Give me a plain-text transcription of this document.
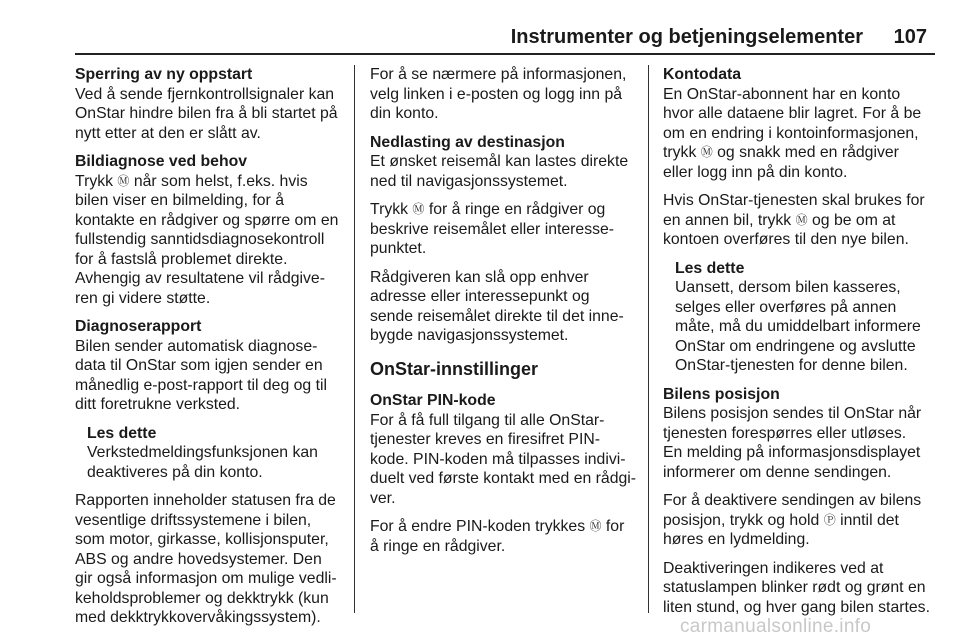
Instrumenter og betjeningselementer 107
Sperring av ny oppstart
Ved å sende fjernkontrollsignaler kan
OnStar hindre bilen fra å bli startet på
nytt etter at den er slått av.
Bildiagnose ved behov
Trykk Ⓜ når som helst, f.eks. hvis
bilen viser en bilmelding, for å
kontakte en rådgiver og spørre om en
fullstendig sanntidsdiagnosekontroll
for å fastslå problemet direkte.
Avhengig av resultatene vil rådgive-
ren gi videre støtte.
Diagnoserapport
Bilen sender automatisk diagnose-
data til OnStar som igjen sender en
månedlig e-post-rapport til deg og til
ditt foretrukne verksted.
Les dette
Verkstedmeldingsfunksjonen kan
deaktiveres på din konto.
Rapporten inneholder statusen fra de
vesentlige driftssystemene i bilen,
som motor, girkasse, kollisjonsputer,
ABS og andre hovedsystemer. Den
gir også informasjon om mulige vedli-
keholdsproblemer og dekktrykk (kun
med dekktrykkovervåkingssystem).
For å se nærmere på informasjonen,
velg linken i e-posten og logg inn på
din konto.
Nedlasting av destinasjon
Et ønsket reisemål kan lastes direkte
ned til navigasjonssystemet.
Trykk Ⓜ for å ringe en rådgiver og
beskrive reisemålet eller interesse-
punktet.
Rådgiveren kan slå opp enhver
adresse eller interessepunkt og
sende reisemålet direkte til det inne-
bygde navigasjonssystemet.
OnStar-innstillinger
OnStar PIN-kode
For å få full tilgang til alle OnStar-
tjenester kreves en firesifret PIN-
kode. PIN-koden må tilpasses indivi-
duelt ved første kontakt med en rådgi-
ver.
For å endre PIN-koden trykkes Ⓜ for
å ringe en rådgiver.
Kontodata
En OnStar-abonnent har en konto
hvor alle dataene blir lagret. For å be
om en endring i kontoinformasjonen,
trykk Ⓜ og snakk med en rådgiver
eller logg inn på din konto.
Hvis OnStar-tjenesten skal brukes for
en annen bil, trykk Ⓜ og be om at
kontoen overføres til den nye bilen.
Les dette
Uansett, dersom bilen kasseres,
selges eller overføres på annen
måte, må du umiddelbart informere
OnStar om endringene og avslutte
OnStar-tjenesten for denne bilen.
Bilens posisjon
Bilens posisjon sendes til OnStar når
tjenesten forespørres eller utløses.
En melding på informasjonsdisplayet
informerer om denne sendingen.
For å deaktivere sendingen av bilens
posisjon, trykk og hold Ⓟ inntil det
høres en lydmelding.
Deaktiveringen indikeres ved at
statuslampen blinker rødt og grønt en
liten stund, og hver gang bilen startes.
carmanualsonline.info
